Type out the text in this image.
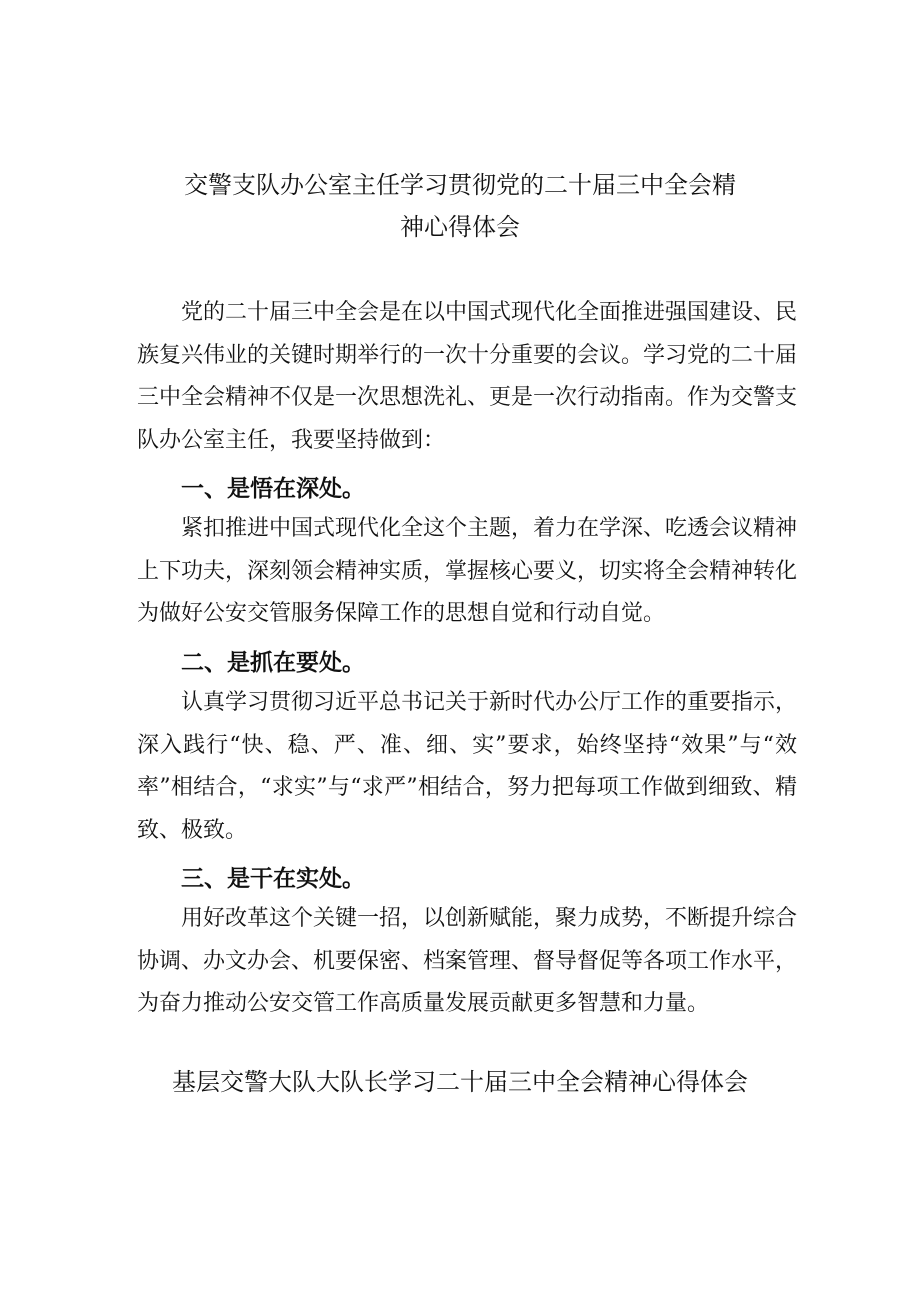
交警支队办公室主任学习贯彻党的二十届三中全会精
神心得体会

党的二十届三中全会是在以中国式现代化全面推进强国建设、民族复兴伟业的关键时期举行的一次十分重要的会议。学习党的二十届三中全会精神不仅是一次思想洗礼、更是一次行动指南。作为交警支队办公室主任，我要坚持做到：

一、是悟在深处。

紧扣推进中国式现代化全这个主题，着力在学深、吃透会议精神上下功夫，深刻领会精神实质，掌握核心要义，切实将全会精神转化为做好公安交管服务保障工作的思想自觉和行动自觉。

二、是抓在要处。

认真学习贯彻习近平总书记关于新时代办公厅工作的重要指示，深入践行“快、稳、严、准、细、实”要求，始终坚持“效果”与“效率”相结合，“求实”与“求严”相结合，努力把每项工作做到细致、精致、极致。

三、是干在实处。

用好改革这个关键一招，以创新赋能，聚力成势，不断提升综合协调、办文办会、机要保密、档案管理、督导督促等各项工作水平，为奋力推动公安交管工作高质量发展贡献更多智慧和力量。

基层交警大队大队长学习二十届三中全会精神心得体会
